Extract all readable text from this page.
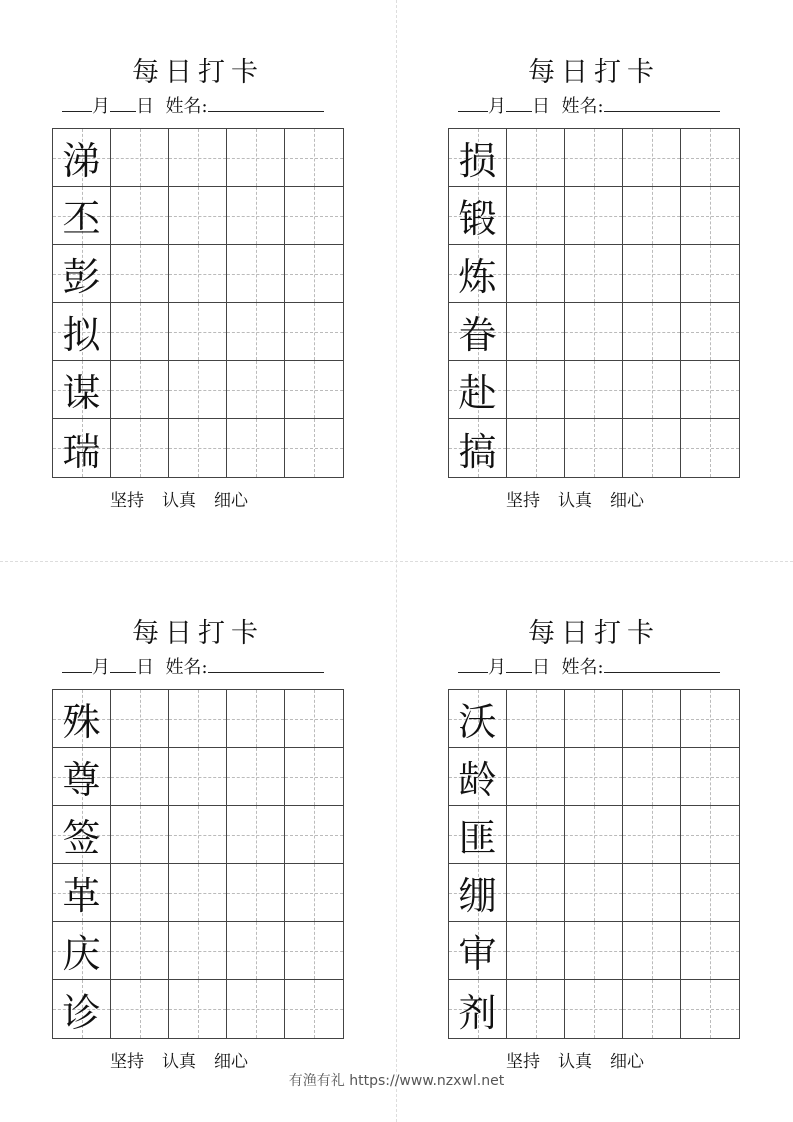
每日打卡
月 日 姓名:
涕
丕
彭
拟
谋
瑞
坚持 认真 细心
每日打卡
月 日 姓名:
损
锻
炼
眷
赴
搞
坚持 认真 细心
每日打卡
月 日 姓名:
殊
尊
签
革
庆
诊
坚持 认真 细心
每日打卡
月 日 姓名:
沃
龄
匪
绷
审
剂
坚持 认真 细心
有渔有礼 https://www.nzxwl.net
